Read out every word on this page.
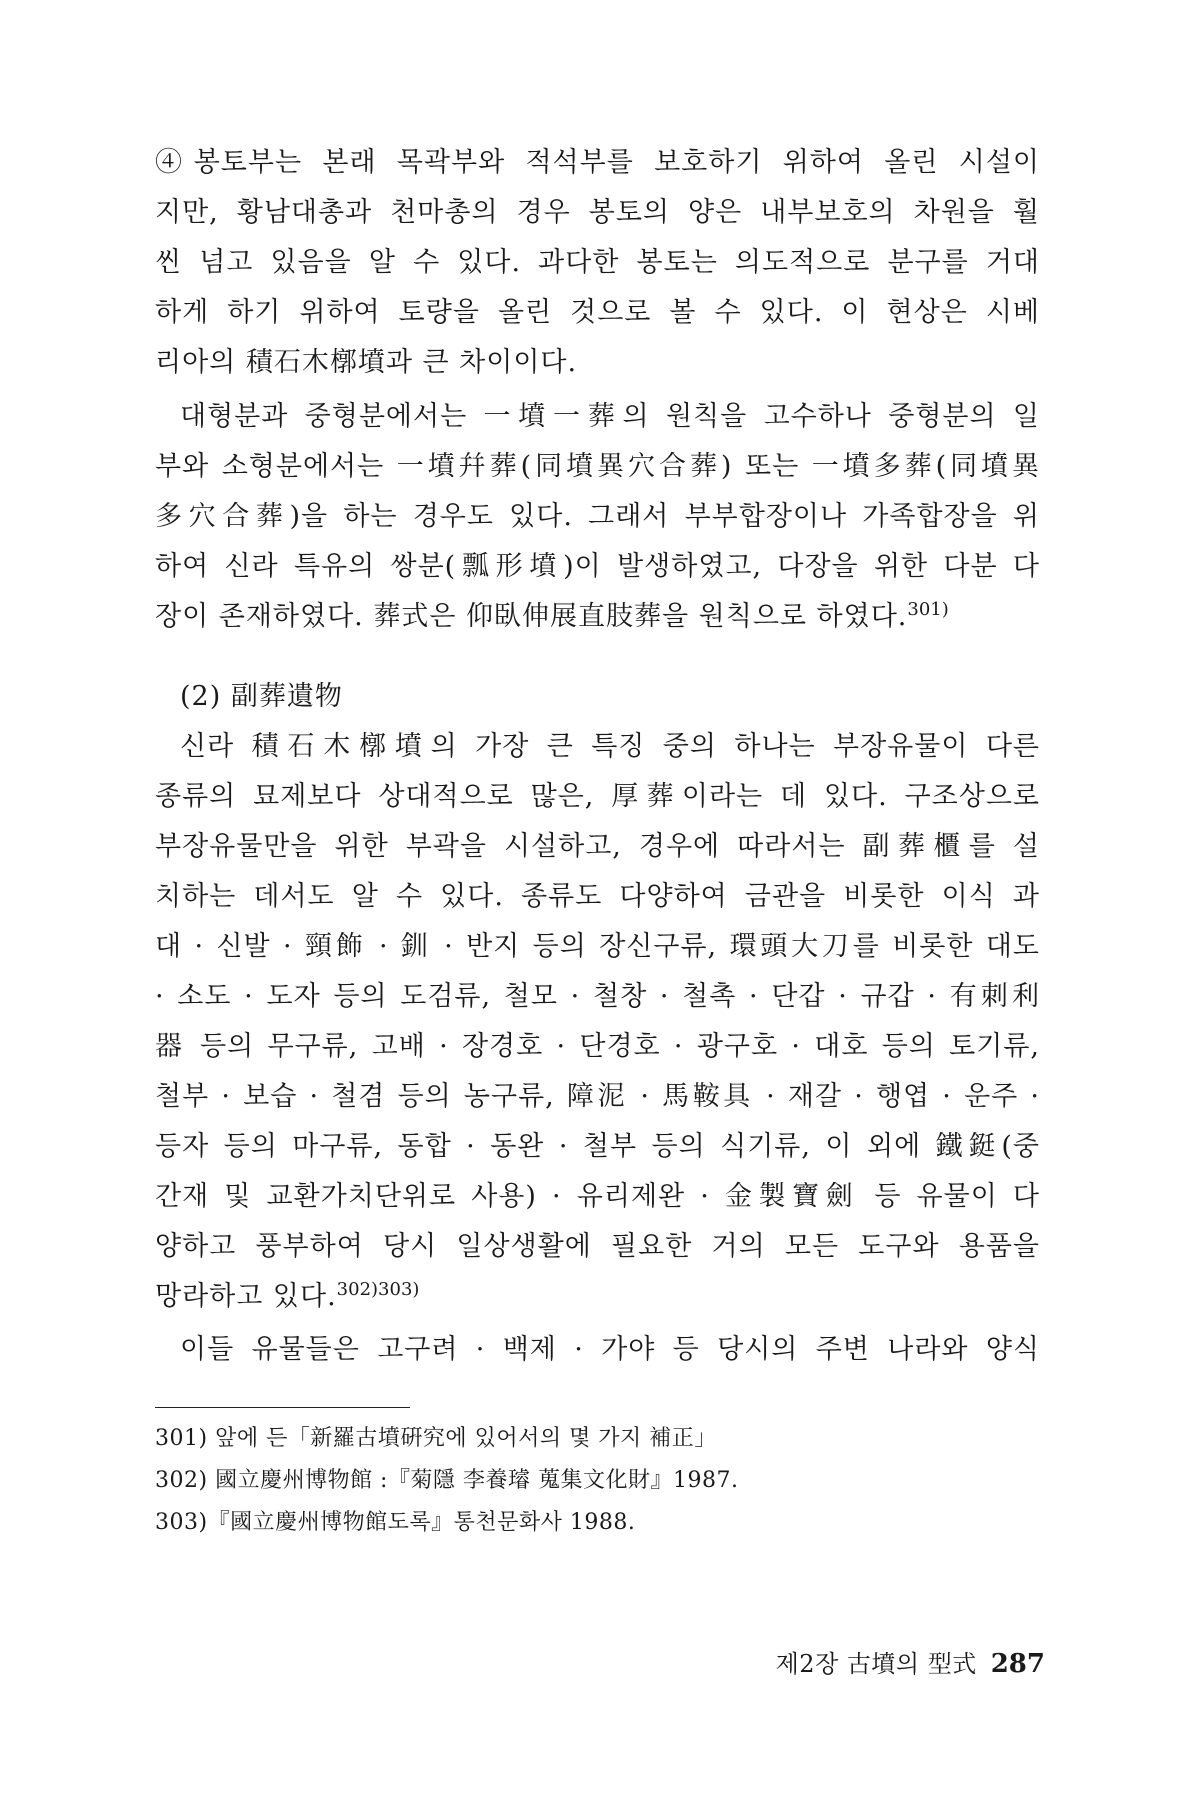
④봉토부는 본래 목곽부와 적석부를 보호하기 위하여 올린 시설이
지만, 황남대총과 천마총의 경우 봉토의 양은 내부보호의 차원을 훨
씬 넘고 있음을 알 수 있다. 과다한 봉토는 의도적으로 분구를 거대
하게 하기 위하여 토량을 올린 것으로 볼 수 있다. 이 현상은 시베
리아의 積石木槨墳과 큰 차이이다.
대형분과 중형분에서는 一墳一葬의 원칙을 고수하나 중형분의 일
부와 소형분에서는 一墳幷葬(同墳異穴合葬) 또는 一墳多葬(同墳異
多穴合葬)을 하는 경우도 있다. 그래서 부부합장이나 가족합장을 위
하여 신라 특유의 쌍분(瓢形墳)이 발생하였고, 다장을 위한 다분 다
장이 존재하였다. 葬式은 仰臥伸展直肢葬을 원칙으로 하였다.$^{301)}$
(2) 副葬遺物
신라 積石木槨墳의 가장 큰 특징 중의 하나는 부장유물이 다른
종류의 묘제보다 상대적으로 많은, 厚葬이라는 데 있다. 구조상으로
부장유물만을 위한 부곽을 시설하고, 경우에 따라서는 副葬櫃를 설
치하는 데서도 알 수 있다. 종류도 다양하여 금관을 비롯한 이식 과
대 · 신발 · 頸飾 · 釧 · 반지 등의 장신구류, 環頭大刀를 비롯한 대도
· 소도 · 도자 등의 도검류, 철모 · 철창 · 철촉 · 단갑 · 규갑 · 有刺利
器 등의 무구류, 고배 · 장경호 · 단경호 · 광구호 · 대호 등의 토기류,
철부 · 보습 · 철겸 등의 농구류, 障泥 · 馬鞍具 · 재갈 · 행엽 · 운주 ·
등자 등의 마구류, 동합 · 동완 · 철부 등의 식기류, 이 외에 鐵鋌(중
간재 및 교환가치단위로 사용) · 유리제완 · 金製寶劍 등 유물이 다
양하고 풍부하여 당시 일상생활에 필요한 거의 모든 도구와 용품을
망라하고 있다.$^{302)303)}$
이들 유물들은 고구려 · 백제 · 가야 등 당시의 주변 나라와 양식
301) 앞에 든「新羅古墳硏究에 있어서의 몇 가지 補正」
302) 國立慶州博物館 :『菊隱 李養璿 蒐集文化財』1987.
303)『國立慶州博物館도록』통천문화사 1988.
제2장 古墳의 型式 287
